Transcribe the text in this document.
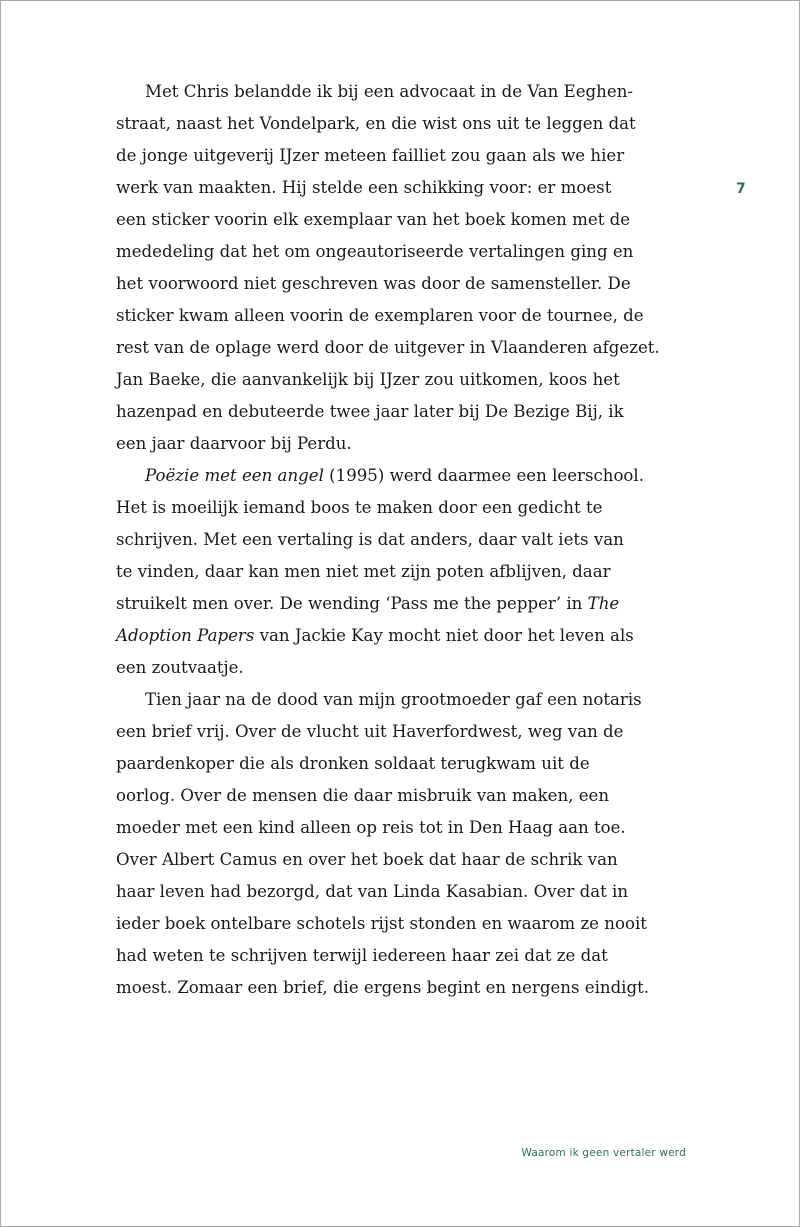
7
Met Chris belandde ik bij een advocaat in de Van Eeghen-
straat, naast het Vondelpark, en die wist ons uit te leggen dat
de jonge uitgeverij IJzer meteen failliet zou gaan als we hier
werk van maakten. Hij stelde een schikking voor: er moest
een sticker voorin elk exemplaar van het boek komen met de
mededeling dat het om ongeautoriseerde vertalingen ging en
het voorwoord niet geschreven was door de samensteller. De
sticker kwam alleen voorin de exemplaren voor de tournee, de
rest van de oplage werd door de uitgever in Vlaanderen afgezet.
Jan Baeke, die aanvankelijk bij IJzer zou uitkomen, koos het
hazenpad en debuteerde twee jaar later bij De Bezige Bij, ik
een jaar daarvoor bij Perdu.
Poëzie met een angel (1995) werd daarmee een leerschool.
Het is moeilijk iemand boos te maken door een gedicht te
schrijven. Met een vertaling is dat anders, daar valt iets van
te vinden, daar kan men niet met zijn poten afblijven, daar
struikelt men over. De wending ‘Pass me the pepper’ in The
Adoption Papers van Jackie Kay mocht niet door het leven als
een zoutvaatje.
Tien jaar na de dood van mijn grootmoeder gaf een notaris
een brief vrij. Over de vlucht uit Haverfordwest, weg van de
paardenkoper die als dronken soldaat terugkwam uit de
oorlog. Over de mensen die daar misbruik van maken, een
moeder met een kind alleen op reis tot in Den Haag aan toe.
Over Albert Camus en over het boek dat haar de schrik van
haar leven had bezorgd, dat van Linda Kasabian. Over dat in
ieder boek ontelbare schotels rijst stonden en waarom ze nooit
had weten te schrijven terwijl iedereen haar zei dat ze dat
moest. Zomaar een brief, die ergens begint en nergens eindigt.
Waarom ik geen vertaler werd
